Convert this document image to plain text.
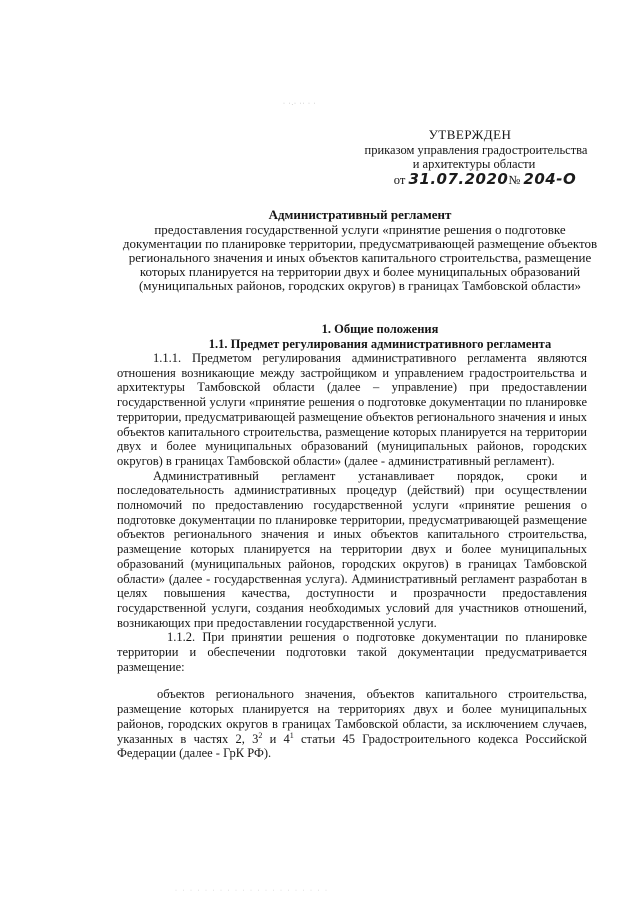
· ·.· ·· · ·
УТВЕРЖДЕН
приказом управления градостроительства
и архитектуры области
от 31.07.2020№ 204-О
Административный регламент
предоставления государственной услуги «принятие решения о подготовке документации по планировке территории, предусматривающей размещение объектов регионального значения и иных объектов капитального строительства, размещение которых планируется на территории двух и более муниципальных образований (муниципальных районов, городских округов) в границах Тамбовской области»
1. Общие положения
1.1. Предмет регулирования административного регламента

1.1.1. Предметом регулирования административного регламента являются отношения возникающие между застройщиком и управлением градостроительства и архитектуры Тамбовской области (далее – управление) при предоставлении государственной услуги «принятие решения о подготовке документации по планировке территории, предусматривающей размещение объектов регионального значения и иных объектов капитального строительства, размещение которых планируется на территории двух и более муниципальных образований (муниципальных районов, городских округов) в границах Тамбовской области» (далее - административный регламент).

Административный регламент устанавливает порядок, сроки и последовательность административных процедур (действий) при осуществлении полномочий по предоставлению государственной услуги «принятие решения о подготовке документации по планировке территории, предусматривающей размещение объектов регионального значения и иных объектов капитального строительства, размещение которых планируется на территории двух и более муниципальных образований (муниципальных районов, городских округов) в границах Тамбовской области» (далее - государственная услуга). Административный регламент разработан в целях повышения качества, доступности и прозрачности предоставления государственной услуги, создания необходимых условий для участников отношений, возникающих при предоставлении государственной услуги.

1.1.2. При принятии решения о подготовке документации по планировке территории и обеспечении подготовки такой документации предусматривается размещение:

объектов регионального значения, объектов капитального строительства, размещение которых планируется на территориях двух и более муниципальных районов, городских округов в границах Тамбовской области, за исключением случаев, указанных в частях 2, $3^2$ и $4^1$ статьи 45 Градостроительного кодекса Российской Федерации (далее - ГрК РФ).

· · · · · · · · · · · · · · · · · · · · ·
